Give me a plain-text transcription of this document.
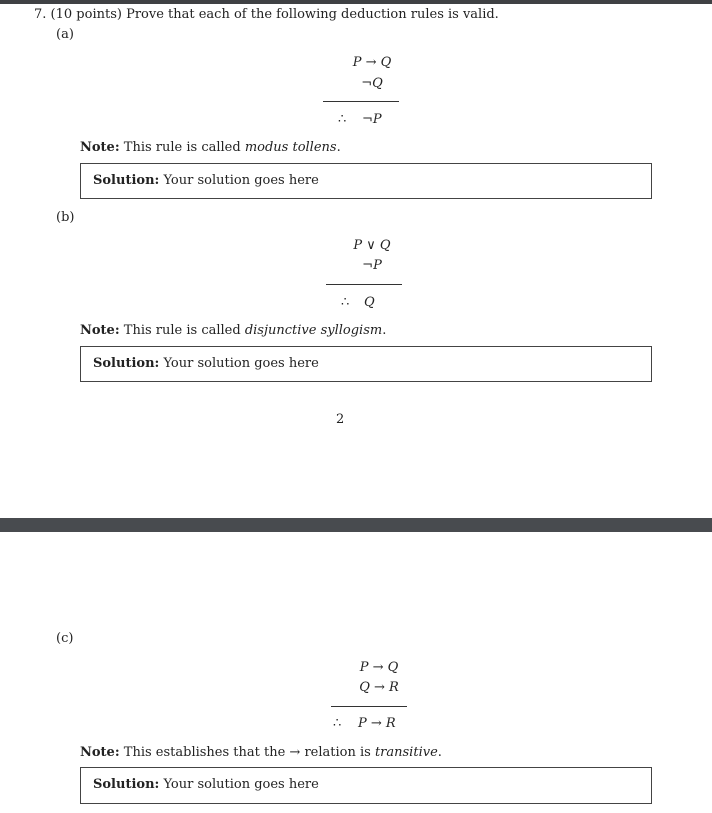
7. (10 points) Prove that each of the following deduction rules is valid.
(a)
P → Q
¬Q
∴ ¬P
Note: This rule is called modus tollens.
Solution: Your solution goes here
(b)
P ∨ Q
¬P
∴ Q
Note: This rule is called disjunctive syllogism.
Solution: Your solution goes here
2
(c)
P → Q
Q → R
∴ P → R
Note: This establishes that the → relation is transitive.
Solution: Your solution goes here
